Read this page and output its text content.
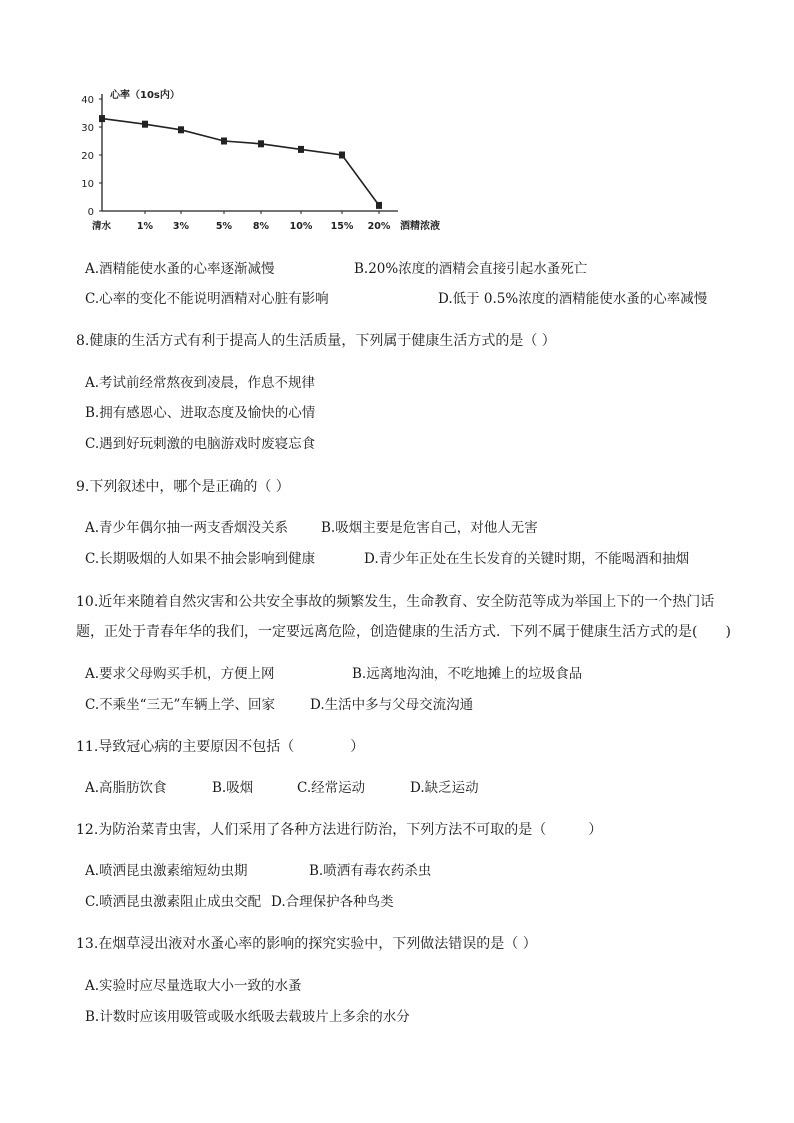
0
10
20
30
40 心率（10s内）
清水	1% 3%	5% 8% 10% 15% 20% 酒精浓液
A.酒精能使水蚤的心率逐渐减慢	B.20%浓度的酒精会直接引起水蚤死亡
C.心率的变化不能说明酒精对心脏有影响	D.低于 0.5%浓度的酒精能使水蚤的心率减慢
8.健康的生活方式有利于提高人的生活质量，下列属于健康生活方式的是（ ）
A.考试前经常熬夜到凌晨，作息不规律
B.拥有感恩心、进取态度及愉快的心情
C.遇到好玩刺激的电脑游戏时废寝忘食
9.下列叙述中，哪个是正确的（ ）
A.青少年偶尔抽一两支香烟没关系 B.吸烟主要是危害自己，对他人无害
C.长期吸烟的人如果不抽会影响到健康	D.青少年正处在生长发育的关键时期，不能喝酒和抽烟
10.近年来随着自然灾害和公共安全事故的频繁发生，生命教育、安全防范等成为举国上下的一个热门话
题，正处于青春年华的我们，一定要远离危险，创造健康的生活方式．下列不属于健康生活方式的是(　　)
A.要求父母购买手机，方便上网	B.远离地沟油，不吃地摊上的垃圾食品
C.不乘坐“三无”车辆上学、回家	D.生活中多与父母交流沟通
11.导致冠心病的主要原因不包括（　　　　）
A.高脂肪饮食	B.吸烟	C.经常运动	D.缺乏运动
12.为防治菜青虫害，人们采用了各种方法进行防治，下列方法不可取的是（　　　）
A.喷洒昆虫激素缩短幼虫期	B.喷洒有毒农药杀虫
C.喷洒昆虫激素阻止成虫交配 D.合理保护各种鸟类
13.在烟草浸出液对水蚤心率的影响的探究实验中，下列做法错误的是（ ）
A.实验时应尽量选取大小一致的水蚤
B.计数时应该用吸管或吸水纸吸去载玻片上多余的水分
